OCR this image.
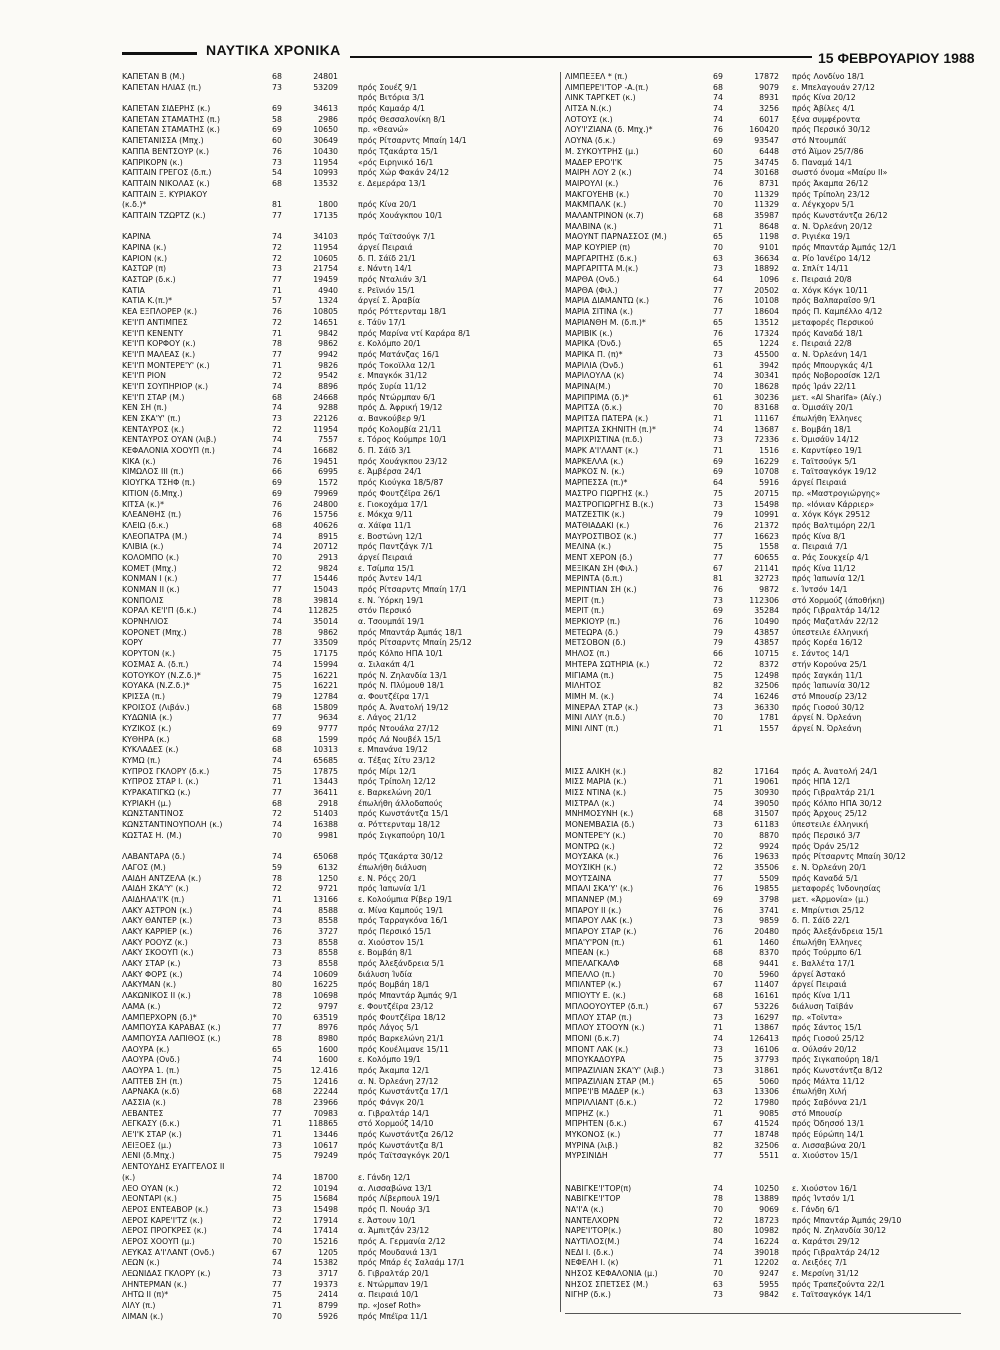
ΝΑΥΤΙΚΑ ΧΡΟΝΙΚΑ	15 ΦΕΒΡΟΥΑΡΙΟΥ 1988
ΚΑΠΕΤΑΝ Β (Μ.)	68	24801
ΚΑΠΕΤΑΝ ΗΛΙΑΣ (π.)	73	53209	πρός Σουέζ 9/1
πρός Βιτόρια 3/1
ΚΑΠΕΤΑΝ ΣΙΔΕΡΗΣ (κ.)	69	34613	πρός Καμαάρ 4/1
ΚΑΠΕΤΑΝ ΣΤΑΜΑΤΗΣ (π.)	58	2986	πρός Θεσσαλονίκη 8/1
ΚΑΠΕΤΑΝ ΣΤΑΜΑΤΗΣ (κ.)	69	10650	πρ. «Θεανώ»
ΚΑΠΕΤΑΝΙΣΣΑ (Μπχ.)	60	30649	πρός Ρίτσαρντς Μπαίη 14/1
ΚΑΠΠΑ ΒΕΝΤΣΟΥΡ (κ.)	76	10430	πρός Τζακάρτα 15/1
ΚΑΠΡΙΚΟΡΝ (κ.)	73	11954	«ρός Ειρηνικό 16/1
ΚΑΠΤΑΙΝ ΓΡΕΓΟΣ (δ.π.)	54	10993	πρός Χώρ Φακάν 24/12
ΚΑΠΤΑΙΝ ΝΙΚΟΛΑΣ (κ.)	68	13532	ε. Δεμεράρα 13/1
ΚΑΠΤΑΙΝ Ξ. ΚΥΡΙΑΚΟΥ
(κ.δ.)*	81	1800	πρός Κίνα 20/1
ΚΑΠΤΑΙΝ ΤΖΩΡΤΖ (κ.)	77	17135	πρός Χουάγκπου 10/1
ΚΑΡΙΝΑ	74	34103	πρός Ταϊτσούγκ 7/1
ΚΑΡΙΝΑ (κ.)	72	11954	άργεί Πειραιά
ΚΑΡΙΟΝ (κ.)	72	10605	δ. Π. Σάϊδ 21/1
ΚΑΣΤΩΡ (π)	73	21754	ε. Νάντη 14/1
ΚΑΣΤΩΡ (δ.κ.)	77	19459	πρός Νταλιάν 3/1
ΚΑΤΙΑ	71	4940	ε. Ρεϊνιόν 15/1
ΚΑΤΙΑ Κ.(π.)*	57	1324	άργεί Σ. Άραβία
ΚΕΑ ΕΞΠΛΟΡΕΡ (κ.)	76	10805	πρός Ρόττερνταμ 18/1
ΚΕ'Ι'Π ΑΝΤΙΜΠΕΣ	72	14651	ε. Τάϋν 17/1
ΚΕ'Ι'Π ΚΕΝΕΝΤΥ	71	9842	πρός Μαρίνα ντί Καράρα 8/1
ΚΕ'Ι'Π ΚΟΡΦΟΥ (κ.)	78	9862	ε. Κολόμπο 20/1
ΚΕ'Ι'Π ΜΑΛΕΑΣ (κ.)	77	9942	πρός Ματάνζας 16/1
ΚΕ'Ι'Π ΜΟΝΤΕΡΕ'Υ' (κ.)	71	9826	πρός Τοκοϊλλα 12/1
ΚΕ'Ι'Π ΡΙΟΝ	72	9542	ε. Μπαγκόκ 31/12
ΚΕ'Ι'Π ΣΟΥΠΗΡΙΟΡ (κ.)	74	8896	πρός Συρία 11/12
ΚΕ'Ι'Π ΣΤΑΡ (Μ.)	68	24668	πρός Ντώρμπαν 6/1
ΚΕΝ ΣΗ (π.)	74	9288	πρός Δ. Άφρική 19/12
ΚΕΝ ΣΚΑ'Υ' (π.)	73	22126	α. Βανκούβερ 9/1
ΚΕΝΤΑΥΡΟΣ (κ.)	72	11954	πρός Κολομβία 21/11
ΚΕΝΤΑΥΡΟΣ ΟΥΑΝ (λιβ.)	74	7557	ε. Τόρος Κούμπρε 10/1
ΚΕΦΑΛΟΝΙΑ ΧΟΟΥΠ (π.)	74	16682	δ. Π. Σάϊδ 3/1
ΚΙΚΑ (κ.)	76	19451	πρός Χουάγκπου 23/12
ΚΙΜΩΛΟΣ ΙΙΙ (π.)	66	6995	ε. Άμβέρσα 24/1
ΚΙΟΥΓΚΑ ΤΣΗΦ (π.)	69	1572	πρός Κιούγκα 18/5/87
ΚΙΤΙΟΝ (δ.Μπχ.)	69	79969	πρός Φουτζέϊρα 26/1
ΚΙΤΣΑ (κ.)*	76	24800	ε. Γιοκοχάμα 17/1
ΚΛΕΑΝΘΗΣ (π.)	76	15756	ε. Μόκχα 9/11
ΚΛΕΙΩ (δ.κ.)	68	40626	α. Χάϊφα 11/1
ΚΛΕΟΠΑΤΡΑ (Μ.)	74	8915	ε. Βοστώνη 12/1
ΚΛΙΒΙΑ (κ.)	74	20712	πρός Παντζάγκ 7/1
ΚΟΛΟΜΠΟ (κ.)	70	2913	άργεί Πειραιά
ΚΟΜΕΤ (Μπχ.)	72	9824	ε. Τσίμπα 15/1
ΚΟΝΜΑΝ Ι (κ.)	77	15446	πρός Άντεν 14/1
ΚΟΝΜΑΝ ΙΙ (κ.)	77	15043	πρός Ρίτσαρντς Μπαίη 17/1
ΚΟΝΠΟΛΙΣ	78	39814	ε. Ν. Ύόρκη 19/1
ΚΟΡΑΛ ΚΕ'Ι'Π (δ.κ.)	74	112825	στόν Περσικό
ΚΟΡΝΗΛΙΟΣ	74	35014	α. Τσουμπάϊ 19/1
ΚΟΡΟΝΕΤ (Μπχ.)	78	9862	πρός Μπαντάρ Άμπάς 18/1
ΚΟΡΥ	77	33509	πρός Ρίτσαρντς Μπαίη 25/12
ΚΟΡΥΤΟΝ (κ.)	75	17175	πρός Κόλπο ΗΠΑ 10/1
ΚΟΣΜΑΣ Α. (δ.π.)	74	15994	α. Σιλακάπ 4/1
ΚΟΤΟΥΚΟΥ (Ν.Ζ.δ.)*	75	16221	πρός Ν. Ζηλανδία 13/1
ΚΟΥΑΚΑ (Ν.Ζ.δ.)*	75	16221	πρός Ν. Πλύμουθ 18/1
ΚΡΙΣΣΑ (π.)	79	12784	α. Φουτζέϊρα 17/1
ΚΡΟΙΣΟΣ (Λιβάν.)	68	15809	πρός Α. Άνατολή 19/12
ΚΥΔΩΝΙΑ (κ.)	77	9634	ε. Λάγος 21/12
ΚΥΖΙΚΟΣ (κ.)	69	9777	πρός Ντουάλα 27/12
ΚΥΘΗΡΑ (κ.)	68	1599	πρός Λά Νουβέλ 15/1
ΚΥΚΛΑΔΕΣ (κ.)	68	10313	ε. Μπανάνα 19/12
ΚΥΜΩ (π.)	74	65685	α. Τέξας Σίτυ 23/12
ΚΥΠΡΟΣ ΓΚΛΟΡΥ (δ.κ.)	75	17875	πρός Μίρι 12/1
ΚΥΠΡΟΣ ΣΤΑΡ Ι. (κ.)	71	13443	πρός Τρίπολη 12/12
ΚΥΡΑΚΑΤΙΓΚΩ (κ.)	77	36411	ε. Βαρκελώνη 20/1
ΚΥΡΙΑΚΗ (μ.)	68	2918	έπωλήθη άλλοδαπούς
ΚΩΝΣΤΑΝΤΙΝΟΣ	72	51403	πρός Κωνστάντζα 15/1
ΚΩΝΣΤΑΝΤΙΝΟΥΠΟΛΗ (κ.)	74	16388	α. Ρόττερνταμ 18/12
ΚΩΣΤΑΣ Η. (Μ.)	70	9981	πρός Σιγκαπούρη 10/1
ΛΑΒΑΝΤΑΡΑ (δ.)	74	65068	πρός Τζακάρτα 30/12
ΛΑΓΟΣ (Μ.)	59	6132	έπωλήθη διάλυση
ΛΑΙΔΗ ΑΝΤΖΕΛΑ (κ.)	78	1250	ε. Ν. Ρόςς 20/1
ΛΑΙΔΗ ΣΚΑ'Υ' (κ.)	72	9721	πρός Ίαπωνία 1/1
ΛΑΙΔΗΛΑ'Ι'Κ (π.)	71	13166	ε. Κολούμπια Ρίβερ 19/1
ΛΑΚΥ ΑΣΤΡΟΝ (κ.)	74	8588	α. Μίνα Καμπούς 19/1
ΛΑΚΥ ΘΑΝΤΕΡ (κ.)	73	8558	πρός Ταρραγκόνα 16/1
ΛΑΚΥ ΚΑΡΡΙΕΡ (κ.)	76	3727	πρός Περσικό 15/1
ΛΑΚΥ ΡΟΟΥΖ (κ.)	73	8558	α. Χιούστον 15/1
ΛΑΚΥ ΣΚΟΟΥΠ (κ.)	73	8558	ε. Βομβάη 8/1
ΛΑΚΥ ΣΤΑΡ (κ.)	73	8558	πρός Άλεξάνδρεια 5/1
ΛΑΚΥ ΦΟΡΣ (κ.)	74	10609	διάλυση Ίνδία
ΛΑΚΥΜΑΝ (κ.)	80	16225	πρός Βομβάη 18/1
ΛΑΚΩΝΙΚΟΣ ΙΙ (κ.)	78	10698	πρός Μπαντάρ Άμπάς 9/1
ΛΑΜΑ (κ.)	72	9797	ε. Φουτζέϊρα 23/12
ΛΑΜΠΕΡΧΟΡΝ (δ.)*	70	63519	πρός Φουτζέϊρα 18/12
ΛΑΜΠΟΥΣΑ ΚΑΡΑΒΑΣ (κ.)	77	8976	πρός Λάγος 5/1
ΛΑΜΠΟΥΣΑ ΛΑΠΙΘΟΣ (κ.)	78	8980	πρός Βαρκελώνη 21/1
ΛΑΟΥΡΑ (κ.)	65	1600	πρός Κουέλιμανε 15/11
ΛΑΟΥΡΑ (Ονδ.)	74	1600	ε. Κολόμπο 19/1
ΛΑΟΥΡΑ 1. (π.)	75	12.416	πρός Άκαμπα 12/1
ΛΑΠΤΕΒ ΣΗ (π.)	75	12416	α. Ν. Όρλεάνη 27/12
ΛΑΡΝΑΚΑ (κ.δ)	68	22244	πρός Κωνστάντζα 17/1
ΛΑΣΣΙΑ (κ.)	78	23966	πρός Φάνγκ 20/1
ΛΕΒΑΝΤΕΣ	77	70983	α. Γιβραλτάρ 14/1
ΛΕΓΚΑΣΥ (δ.κ.)	71	118865	στό Χορμούζ 14/10
ΛΕ'Ι'Κ ΣΤΑΡ (κ.)	71	13446	πρός Κωνστάντζα 26/12
ΛΕΙΞΟΕΣ (μ.)	73	10617	πρός Κωνστάντζα 8/1
ΛΕΝΙ (δ.Μπχ.)	75	79249	πρός Ταϊτσαγκόγκ 20/1
ΛΕΝΤΟΥΔΗΣ ΕΥΑΓΓΕΛΟΣ ΙΙ
(κ.)	74	18700	ε. Γάνδη 12/1
ΛΕΟ ΟΥΑΝ (κ.)	72	10194	α. Λισσαβώνα 13/1
ΛΕΟΝΤΑΡΙ (κ.)	75	15684	πρός Λίβερπουλ 19/1
ΛΕΡΟΣ ΕΝΤΕΑΒΟΡ (κ.)	73	15498	πρός Π. Νουάρ 3/1
ΛΕΡΟΣ ΚΑΡΕ'Ι'ΤΖ (κ.)	72	17914	ε. Άστουν 10/1
ΛΕΡΟΣ ΠΡΟΓΚΡΕΣ (κ.)	74	17414	α. Άμπιτζάν 23/12
ΛΕΡΟΣ ΧΟΟΥΠ (μ.)	70	15216	πρός Α. Γερμανία 2/12
ΛΕΥΚΑΣ Α'Ι'ΛΑΝΤ (Ονδ.)	67	1205	πρός Μουδανιά 13/1
ΛΕΩΝ (κ.)	74	15382	πρός Μπάρ ές Σαλαάμ 17/1
ΛΕΩΝΙΔΑΣ ΓΚΛΟΡΥ (κ.)	73	3717	δ. Γιβραλτάρ 20/1
ΛΗΝΤΕΡΜΑΝ (κ.)	77	19373	ε. Ντώρμπαν 19/1
ΛΗΤΩ ΙΙ (π)*	75	2414	α. Πειραιά 10/1
ΛΙΛΥ (π.)	71	8799	πρ. «Josef Roth»
ΛΙΜΑΝ (κ.)	70	5926	πρός Μπέϊρα 11/1
ΛΙΜΠΕΞΕΛ * (π.)	69	17872 πρός Λονδίνο 18/1
ΛΙΜΠΕΡΕ'Ι'ΤΟΡ -Α.(π.)	68	9079 ε. Μπελαγουάν 27/12
ΛΙΝΚ ΤΑΡΓΚΕΤ (κ.)	74	8931 πρός Κίνα 20/12
ΛΙΤΣΑ Ν.(κ.)	74	3256 πρός Άβίλες 4/1
ΛΟΤΟΥΣ (κ.)	74	6017 ξένα συμφέροντα
ΛΟΥ'Ι'ΖΙΑΝΑ (δ. Μπχ.)*	76	160420 πρός Περσικό 30/12
ΛΟΥΝΑ (δ.κ.)	69	93547 στό Ντουμπάϊ
Μ. ΣΥΚΟΥΤΡΗΣ (μ.)	60	6448 στό Άϊμον 25/7/86
ΜΑΔΕΡ ΕΡΟ'Ι'Κ	75	34745 δ. Παναμά 14/1
ΜΑΙΡΗ ΛΟΥ 2 (κ.)	74	30168 σωστό όνομα «Μαίρυ ΙΙ»
ΜΑΙΡΟΥΛΙ (κ.)	76	8731 πρός Άκαμπα 26/12
ΜΑΚΓΟΥΕΗΒ (κ.)	70	11329 πρός Τρίπολη 23/12
ΜΑΚΜΠΑΛΚ (κ.)	70	11329 α. Λέγκχορν 5/1
ΜΑΛΑΝΤΡΙΝΟΝ (κ.7)	68	35987 πρός Κωνστάντζα 26/12
ΜΑΛΒΙΝΑ (κ.)	71	8648 α. Ν. Όρλεάνη 20/12
ΜΑΟΥΝΤ ΠΑΡΝΑΣΣΟΣ (Μ.)	65	1198 σ. Ριγιέκα 19/1
ΜΑΡ ΚΟΥΡΙΕΡ (π)	70	9101 πρός Μπαντάρ Άμπάς 12/1
ΜΑΡΓΑΡΙΤΗΣ (δ.κ.)	63	36634 α. Ρίο Ίανέϊρο 14/12
ΜΑΡΓΑΡΙΤΤΑ Μ.(κ.)	73	18892 α. Σπλίτ 14/11
ΜΑΡΘΑ (Ονδ.)	64	1096 ε. Πειραιά 20/8
ΜΑΡΘΑ (Φιλ.)	77	20502 α. Χόγκ Κόγκ 10/11
ΜΑΡΙΑ ΔΙΑΜΑΝΤΩ (κ.)	76	10108 πρός Βαλπαραΐσο 9/1
ΜΑΡΙΑ ΣΙΤΙΝΑ (κ.)	77	18604 πρός Π. Καμπέλλο 4/12
ΜΑΡΙΑΝΘΗ Μ. (δ.π.)*	65	13512 μεταφορές Περσικού
ΜΑΡΙΒΙΚ (κ.)	76	17324 πρός Καναδά 18/1
ΜΑΡΙΚΑ (Όνδ.)	65	1224 ε. Πειραιά 22/8
ΜΑΡΙΚΑ Π. (π)*	73	45500 α. Ν. Όρλεάνη 14/1
ΜΑΡΙΛΙΑ (Όνδ.)	61	3942 πρός Μπουργκάς 4/1
ΜΑΡΙΛΟΥΛΑ (κ)	74	30341 πρός Νοβοροσίσκ 12/1
ΜΑΡΙΝΑ(Μ.)	70	18628 πρός Ίράν 22/11
ΜΑΡΙΠΡΙΜΑ (δ.)*	61	30236 μετ. «Al Sharifa» (Αίγ.)
ΜΑΡΙΤΣΑ (δ.κ.)	70	83168 α. Όμισάϊγ 20/1
ΜΑΡΙΤΣΑ ΠΑΤΕΡΑ (κ.)	71	11167 έπωλήθη Έλληνες
ΜΑΡΙΤΣΑ ΣΚΗΝΙΤΗ (π.)*	74	13687 ε. Βομβάη 18/1
ΜΑΡΙΧΡΙΣΤΙΝΑ (π.δ.)	73	72336 ε. Όμισάϋν 14/12
ΜΑΡΚ Α'Ι'ΛΑΝΤ (κ.)	71	1516 ε. Καρντίφεο 19/1
ΜΑΡΚΕΛΛΑ (κ.)	69	16229 ε. Ταϊτσούγκ 5/1
ΜΑΡΚΟΣ Ν. (κ.)	69	10708 ε. Ταϊτσαγκόγκ 19/12
ΜΑΡΠΕΣΣΑ (π.)*	64	5916 άργεί Πειραιά
ΜΑΣΤΡΟ ΓΙΩΡΓΗΣ (κ.)	75	20715 πρ. «Μαστρογιώργης»
ΜΑΣΤΡΟΓΙΩΡΓΗΣ Β.(κ.)	73	15498 πρ. «Ιόνιαν Κάρριερ»
ΜΑΤΖΕΣΤΙΚ (κ.)	79	10991 α. Χόγκ Κόγκ 29512
ΜΑΤΘΙΑΔΑΚΙ (κ.)	76	21372 πρός Βαλτιμόρη 22/1
ΜΑΥΡΟΣΤΙΒΟΣ (κ.)	77	16623 πρός Κίνα 8/1
ΜΕΛΙΝΑ (κ.)	75	1558 α. Πειραιά 7/1
ΜΕΝΤ ΧΕΡΟΝ (δ.)	77	60655 α. Ράς Σουκχείρ 4/1
ΜΕΞΙΚΑΝ ΣΗ (Φιλ.)	67	21141 πρός Κίνα 11/12
ΜΕΡΙΝΤΑ (δ.π.)	81	32723 πρός Ίαπωνία 12/1
ΜΕΡΙΝΤΙΑΝ ΣΗ (κ.)	76	9872 ε. Ίντσόν 14/1
ΜΕΡΙΤ (π.)	73	112306 στό Χορμούζ (άποθήκη)
ΜΕΡΙΤ (π.)	69	35284 πρός Γιβραλτάρ 14/12
ΜΕΡΚΙΟΥΡ (π.)	76	10490 πρός Μαζατλάν 22/12
ΜΕΤΕΩΡΑ (δ.)	79	43857 ύπεστειλε έλληνική
ΜΕΤΣΟΒΟΝ (δ.)	79	43857 πρός Κορέα 16/12
ΜΗΛΟΣ (π.)	66	10715 ε. Σάντος 14/1
ΜΗΤΕΡΑ ΣΩΤΗΡΙΑ (κ.)	72	8372 στήν Κορούνα 25/1
ΜΙΓΙΑΜΑ (π.)	75	12498 πρός Σαγκάη 11/1
ΜΙΛΗΤΟΣ	82	32506 πρός Ίαπωνία 30/12
ΜΙΜΗ Μ. (κ.)	74	16246 στό Μπουσίρ 23/12
ΜΙΝΕΡΑΛ ΣΤΑΡ (κ.)	73	36330 πρός Γιοσού 30/12
ΜΙΝΙ ΛΙΛΥ (π.δ.)	70	1781 άργεί Ν. Όρλεάνη
ΜΙΝΙ ΛΙΝΤ (π.)	71	1557 άργεί Ν. Όρλεάνη
ΜΙΣΣ ΑΛΙΚΗ (κ.)	82	17164 πρός Α. Άνατολή 24/1
ΜΙΣΣ ΜΑΡΙΑ (κ.)	71	19061 πρός ΗΠΑ 12/1
ΜΙΣΣ ΝΤΙΝΑ (κ.)	75	30930 πρός Γιβραλτάρ 21/1
ΜΙΣΤΡΑΛ (κ.)	74	39050 πρός Κόλπο ΗΠΑ 30/12
ΜΝΗΜΟΣΥΝΗ (κ.)	68	31507 πρός Άρχους 25/12
ΜΟΝΕΜΒΑΣΙΑ (δ.)	73	61183 ύπεστειλε έλληνική
ΜΟΝΤΕΡΕ'Υ (κ.)	70	8870 πρός Περσικό 3/7
ΜΟΝΤΡΩ (κ.)	72	9924 πρός Όράν 25/12
ΜΟΥΣΑΚΑ (κ.)	76	19633 πρός Ρίτσαρντς Μπαίη 30/12
ΜΟΥΣΙΚΗ (κ.)	72	35506 ε. Ν. Όρλεάνη 20/1
ΜΟΥΤΣΑΙΝΑ	77	5509 πρός Καναδά 5/1
ΜΠΑΛΙ ΣΚΑ'Υ' (κ.)	76	19855 μεταφορές Ίνδονησίας
ΜΠΑΝΝΕΡ (Μ.)	69	3798 μετ. «Άρμονία» (μ.)
ΜΠΑΡΟΥ ΙΙ (κ.)	76	3741 ε. Μπρίντισι 25/12
ΜΠΑΡΟΥ ΛΑΚ (κ.)	73	9859 δ. Π. Σάϊδ 22/1
ΜΠΑΡΟΥ ΣΤΑΡ (κ.)	76	20480 πρός Άλεξάνδρεια 15/1
ΜΠΑ'Υ'ΡΟΝ (π.)	61	1460 έπωλήθη Έλληνες
ΜΠΕΑΝ (κ.)	68	8370 πρός Τούρμπο 6/1
ΜΠΕΛΑΓΚΑΛΦ	68	9441 ε. Βαλλέτα 17/1
ΜΠΕΛΛΟ (π.)	70	5960 άργεί Άστακό
ΜΠΙΛΝΤΕΡ (κ.)	67	11407 άργεί Πειραιά
ΜΠΙΟΥΤΥ Ε. (κ.)	68	16161 πρός Κίνα 1/11
ΜΠΛΟΟΥΟΥΤΕΡ (δ.π.)	67	53226 διάλυση Ταϊβάν
ΜΠΛΟΥ ΣΤΑΡ (π.)	73	16297 πρ. «Τοϊντα»
ΜΠΛΟΥ ΣΤΟΟΥΝ (κ.)	71	13867 πρός Σάντος 15/1
ΜΠΟΝΙ (δ.κ.7)	74	126413 πρός Γιοσού 25/12
ΜΠΟΝΤ ΛΑΚ (κ.)	73	16106 α. Ούλσάν 20/12
ΜΠΟΥΚΑΔΟΥΡΑ	75	37793 πρός Σιγκαπούρη 18/1
ΜΠΡΑΖΙΛΙΑΝ ΣΚΑ'Υ' (λιβ.)	73	31861 πρός Κωνστάντζα 8/12
ΜΠΡΑΖΙΛΙΑΝ ΣΤΑΡ (Μ.)	65	5060 πρός Μάλτα 11/12
ΜΠΡΕ'Ι'Β ΜΑΔΕΡ (κ.)	63	13306 έπωλήθη Χιλή
ΜΠΡΙΛΛΙΑΝΤ (δ.κ.)	72	17980 πρός Σαβόννα 21/1
ΜΠΡΗΖ (κ.)	71	9085 στό Μπουσίρ
ΜΠΡΗΤΕΝ (δ.κ.)	67	41524 πρός Όδησσό 13/1
ΜΥΚΟΝΟΣ (κ.)	77	18748 πρός Εύρώπη 14/1
ΜΥΡΙΝΑ (λιβ.)	82	32506 α. Λισσαβώνα 20/1
ΜΥΡΣΙΝΙΔΗ	77	5511 α. Χιούστον 15/1
ΝΑΒΙΓΚΕ'Ι'ΤΟΡ(π)	74	10250 ε. Χιούστον 16/1
ΝΑΒΙΓΚΕ'Ι'ΤΟΡ	78	13889 πρός Ίντσόν 1/1
ΝΑ'Ι'Α (κ.)	70	9069 ε. Γάνδη 6/1
ΝΑΝΤΕΛΧΟΡΝ	72	18723 πρός Μπαντάρ Άμπάς 29/10
ΝΑΡΕ'Ι'ΤΟΡ(κ.)	80	10982 πρός Ν. Ζηλανδία 30/12
ΝΑΥΤΙΛΟΣ(Μ.)	74	16224 α. Καράτσι 29/12
ΝΕΔΙ Ι. (δ.κ.)	74	39018 πρός Γιβραλτάρ 24/12
ΝΕΦΕΛΗ Ι. (κ)	71	12202 α. Λειξόες 7/1
ΝΗΣΟΣ ΚΕΦΑΛΟΝΙΑ (μ.)	70	9247 ε. Μερσίνη 31/12
ΝΗΣΟΣ ΣΠΕΤΣΕΣ (Μ.)	63	5955 πρός Τραπεζούντα 22/1
ΝΙΓΗΡ (δ.κ.)	73	9842 ε. Ταϊτσαγκόγκ 14/1
